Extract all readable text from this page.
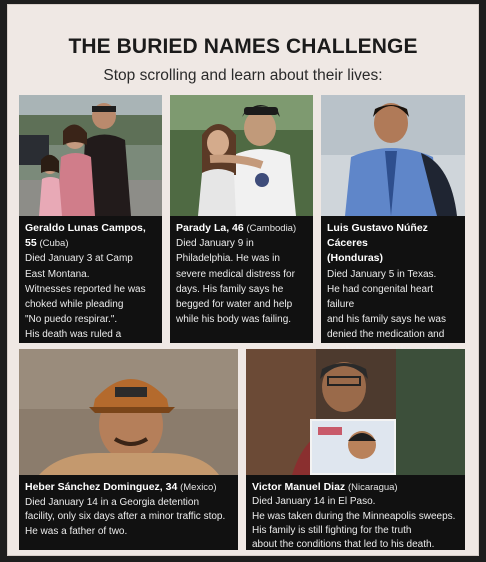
THE BURIED NAMES CHALLENGE
Stop scrolling and learn about their lives:
Geraldo Lunas Campos,
55 (Cuba)
Died January 3 at Camp
East Montana.
Witnesses reported he was
choked while pleading
"No puedo respirar.".
His death was ruled a
Parady La, 46 (Cambodia)
Died January 9 in
Philadelphia. He was in
severe medical distress for
days. His family says he
begged for water and help
while his body was failing.
Luis Gustavo Núñez Cáceres
(Honduras)
Died January 5 in Texas.
He had congenital heart failure
and his family says he was
denied the medication and
Heber Sánchez Dominguez, 34 (Mexico)
Died January 14 in a Georgia detention
facility, only six days after a minor traffic stop.
He was a father of two.
Victor Manuel Diaz (Nicaragua)
Died January 14 in El Paso.
He was taken during the Minneapolis sweeps.
His family is still fighting for the truth
about the conditions that led to his death.
